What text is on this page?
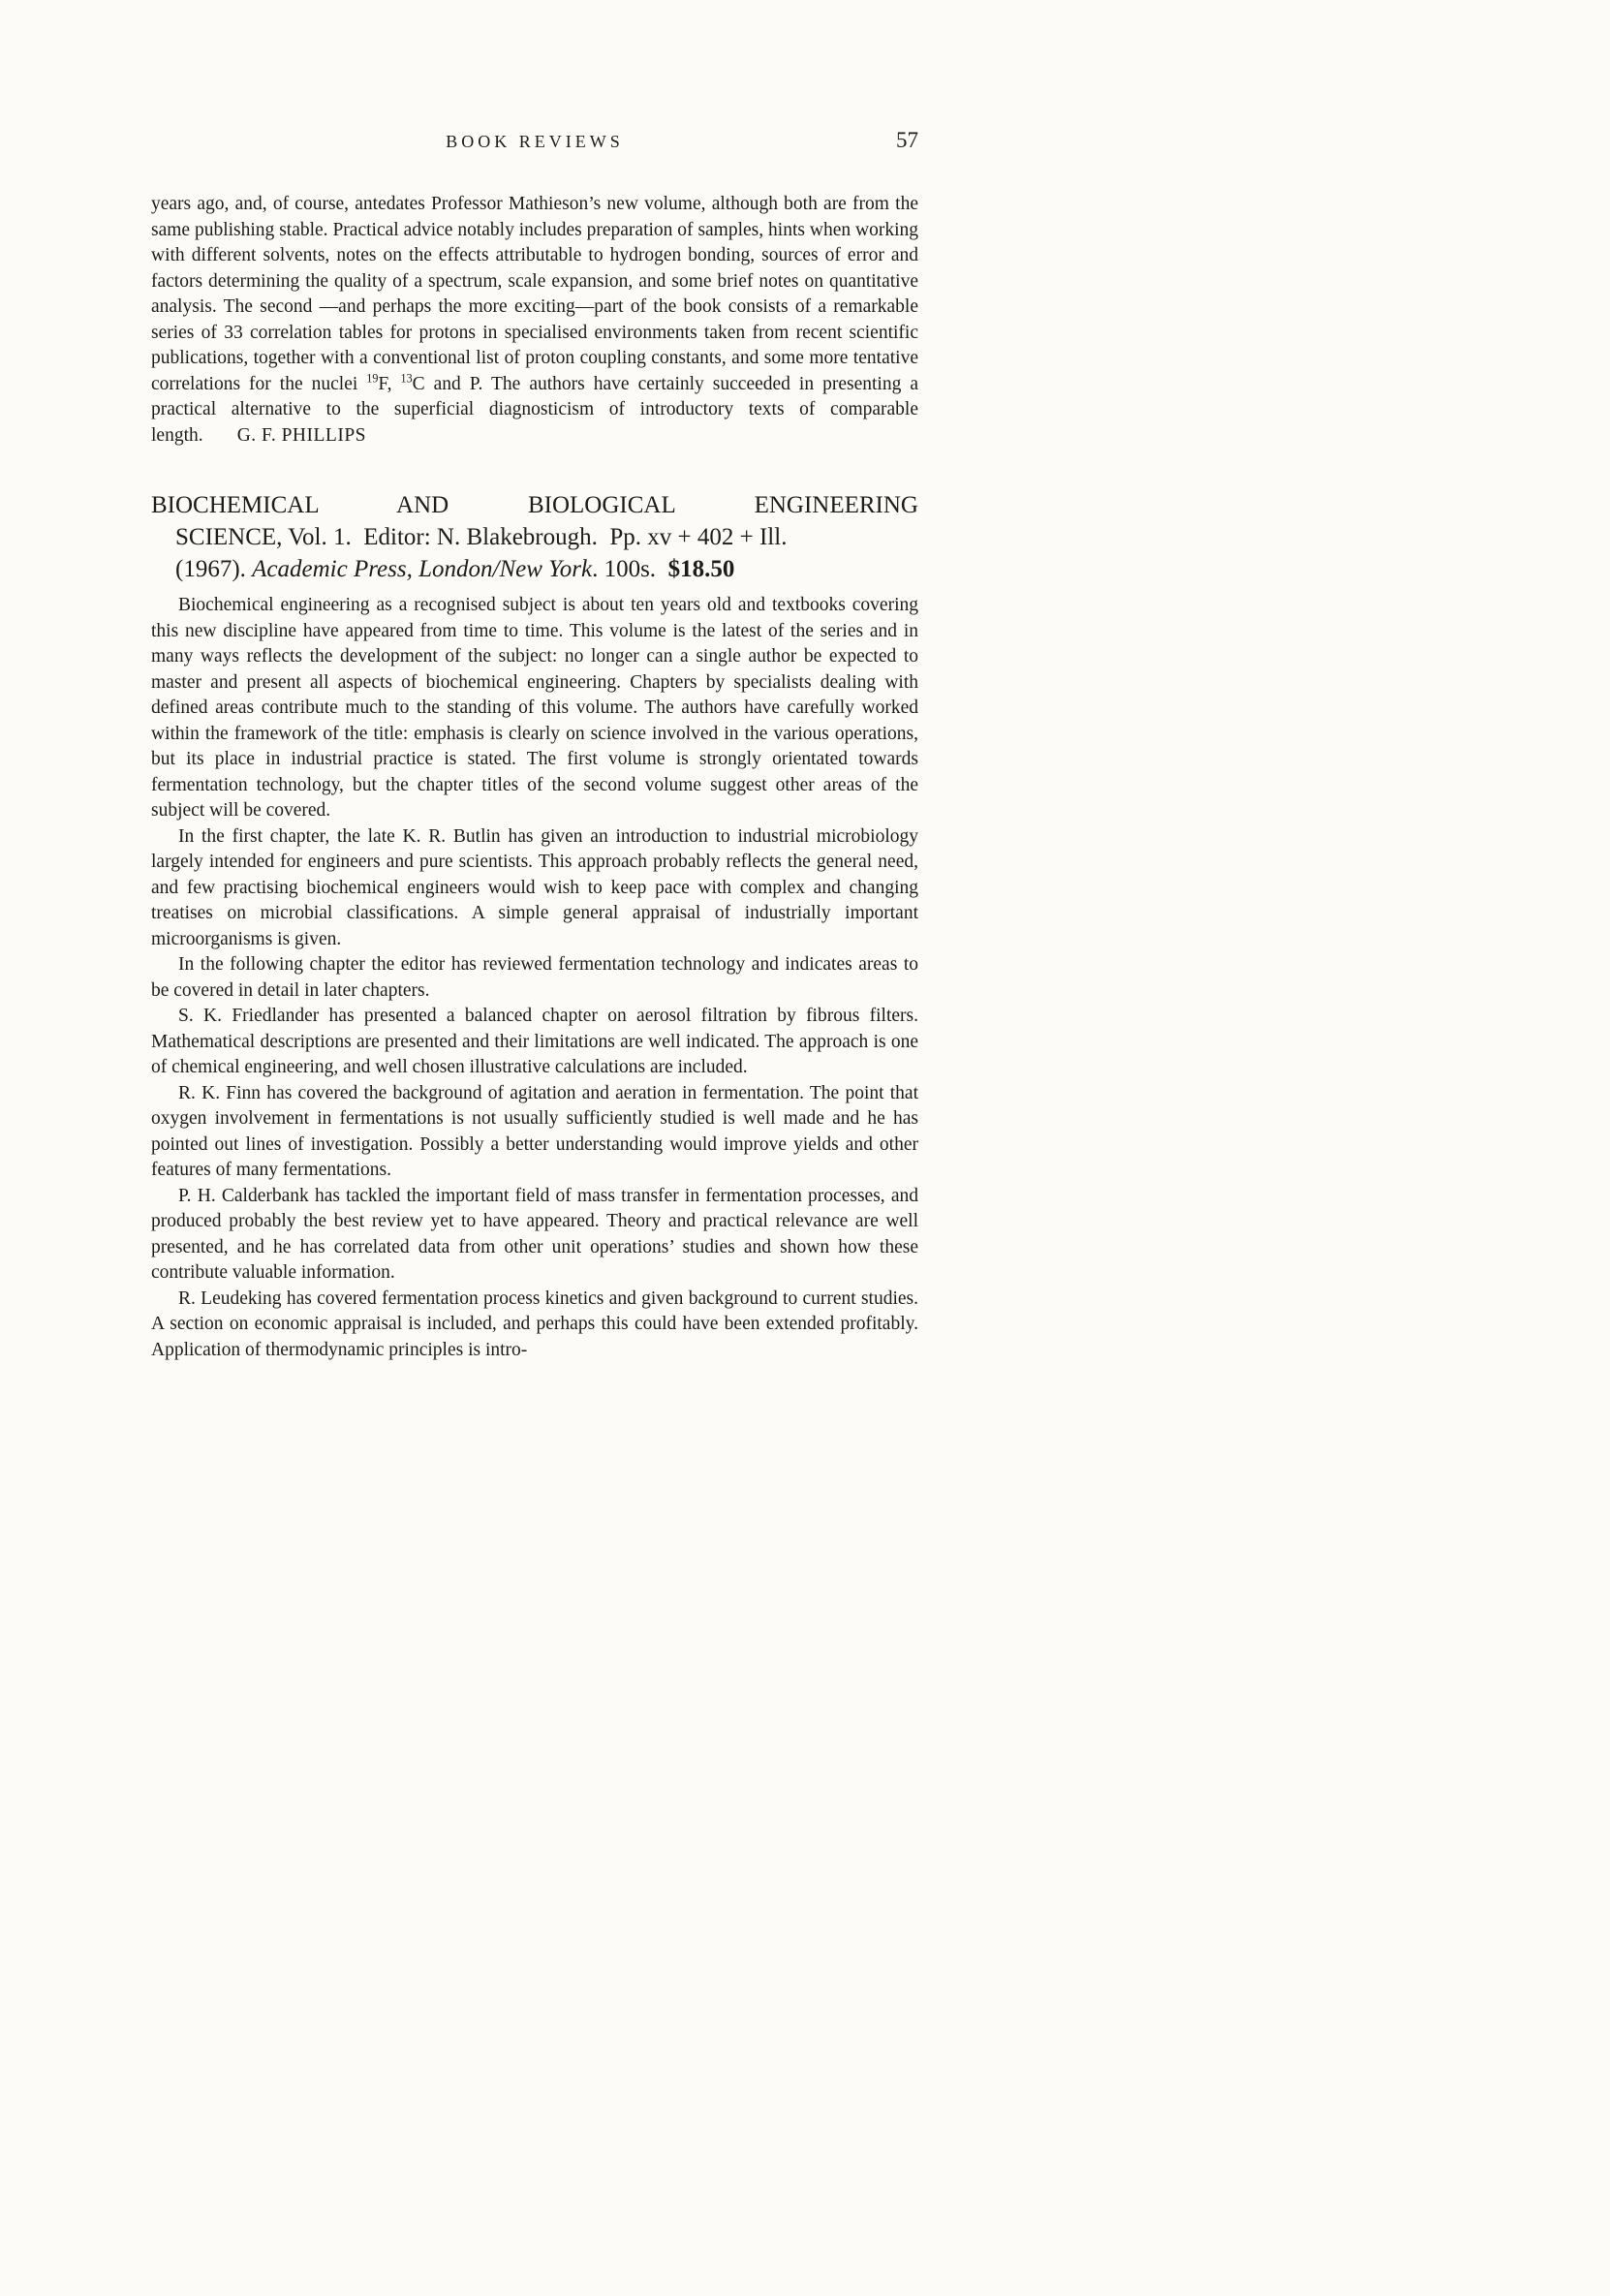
BOOK REVIEWS	57

years ago, and, of course, antedates Professor Mathieson’s new volume, although both are from the same publishing stable. Practical advice notably includes preparation of samples, hints when working with different solvents, notes on the effects attributable to hydrogen bonding, sources of error and factors determining the quality of a spectrum, scale expansion, and some brief notes on quantitative analysis. The second —and perhaps the more exciting—part of the book consists of a remarkable series of 33 correlation tables for protons in specialised environments taken from recent scientific publications, together with a conventional list of proton coupling constants, and some more tentative correlations for the nuclei $^{19}$F, $^{13}$C and P. The authors have certainly succeeded in presenting a practical alternative to the superficial diagnosticism of introductory texts of comparable length. G. F. PHILLIPS

BIOCHEMICAL AND BIOLOGICAL ENGINEERING
SCIENCE, Vol. 1.  Editor: N. Blakebrough.  Pp. xv + 402 + Ill.
(1967). Academic Press, London/New York. 100s.  $18.50

Biochemical engineering as a recognised subject is about ten years old and textbooks covering this new discipline have appeared from time to time. This volume is the latest of the series and in many ways reflects the development of the subject: no longer can a single author be expected to master and present all aspects of biochemical engineering. Chapters by specialists dealing with defined areas contribute much to the standing of this volume. The authors have carefully worked within the framework of the title: emphasis is clearly on science involved in the various operations, but its place in industrial practice is stated. The first volume is strongly orientated towards fermentation technology, but the chapter titles of the second volume suggest other areas of the subject will be covered.

In the first chapter, the late K. R. Butlin has given an introduction to industrial microbiology largely intended for engineers and pure scientists. This approach probably reflects the general need, and few practising biochemical engineers would wish to keep pace with complex and changing treatises on microbial classifications. A simple general appraisal of industrially important microorganisms is given.

In the following chapter the editor has reviewed fermentation technology and indicates areas to be covered in detail in later chapters.

S. K. Friedlander has presented a balanced chapter on aerosol filtration by fibrous filters. Mathematical descriptions are presented and their limitations are well indicated. The approach is one of chemical engineering, and well chosen illustrative calculations are included.

R. K. Finn has covered the background of agitation and aeration in fermentation. The point that oxygen involvement in fermentations is not usually sufficiently studied is well made and he has pointed out lines of investigation. Possibly a better understanding would improve yields and other features of many fermentations.

P. H. Calderbank has tackled the important field of mass transfer in fermentation processes, and produced probably the best review yet to have appeared. Theory and practical relevance are well presented, and he has correlated data from other unit operations’ studies and shown how these contribute valuable information.

R. Leudeking has covered fermentation process kinetics and given background to current studies. A section on economic appraisal is included, and perhaps this could have been extended profitably. Application of thermodynamic principles is intro-
